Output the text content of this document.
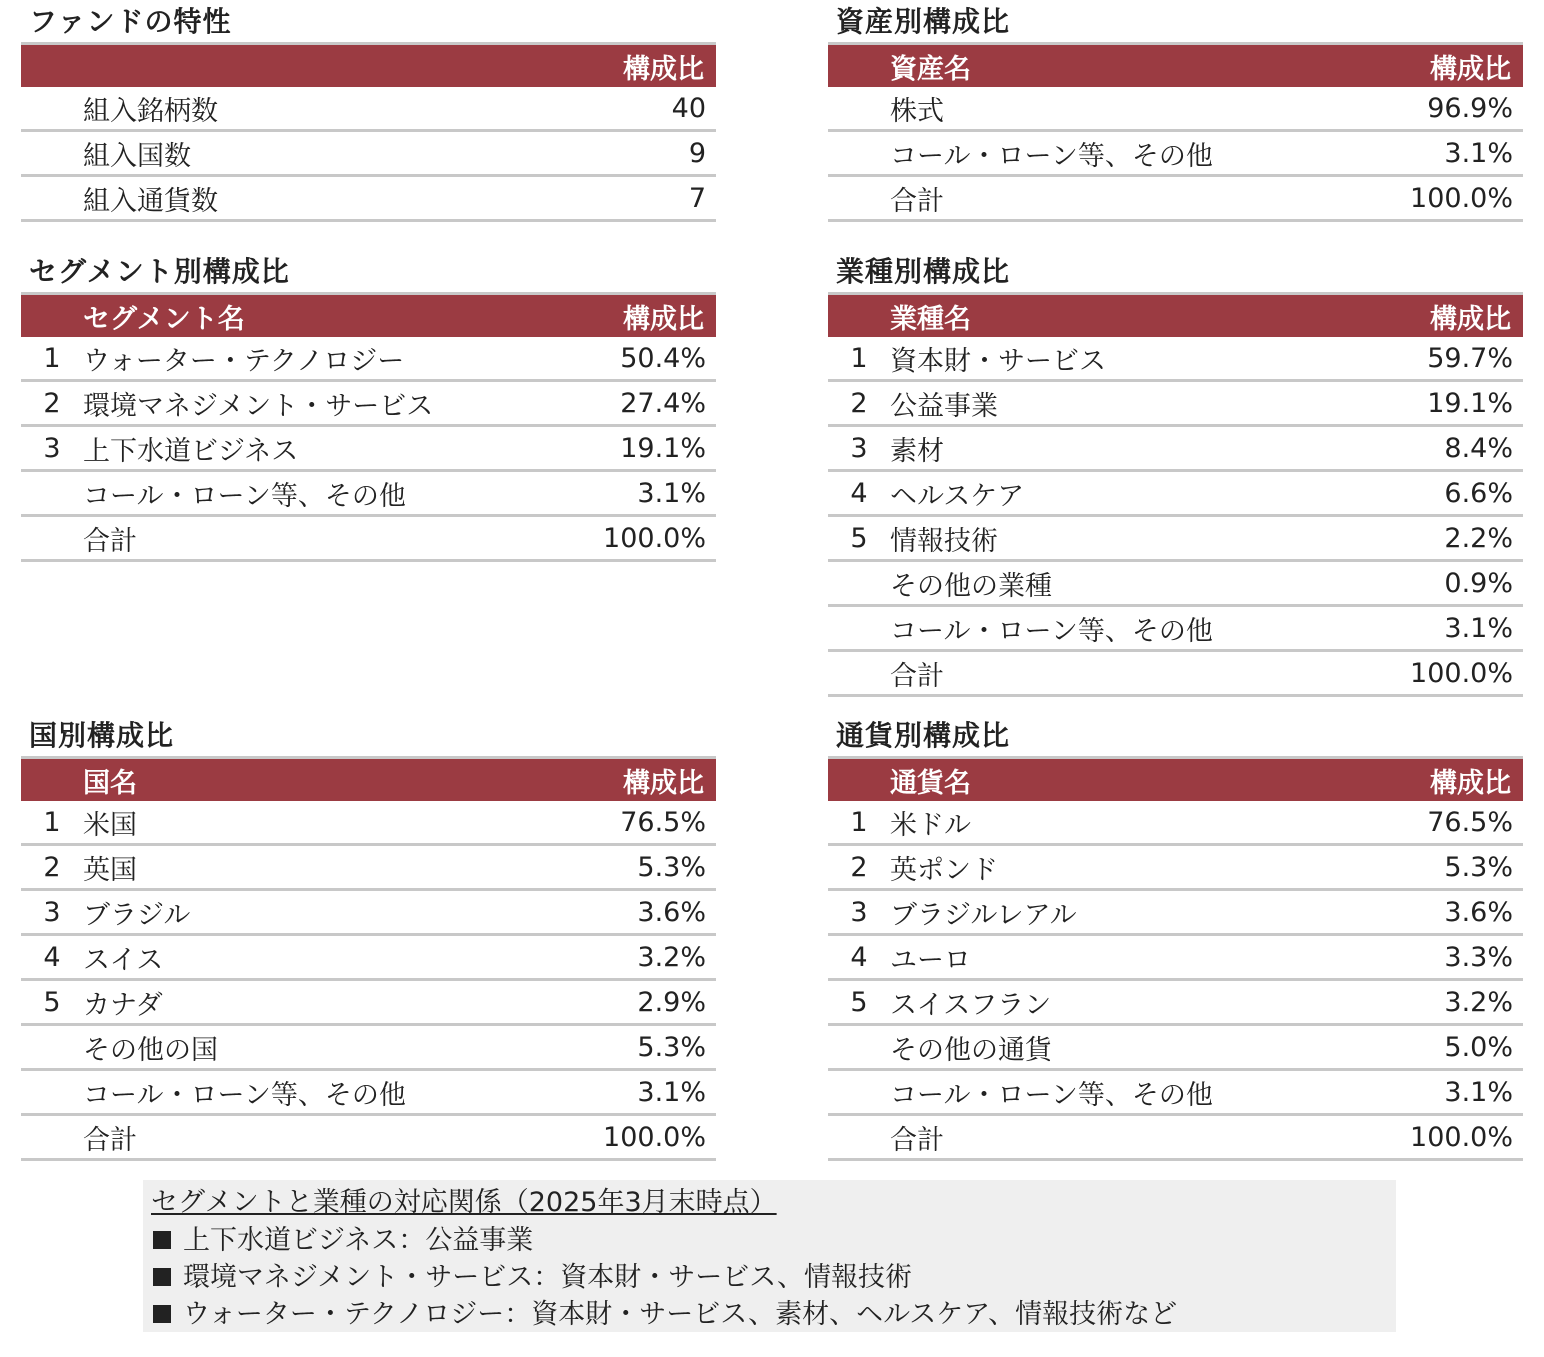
ファンドの特性
		構成比
	組入銘柄数	40
	組入国数	9
	組入通貨数	7
資産別構成比
	資産名	構成比
	株式	96.9%
	コール・ローン等、その他	3.1%
	合計	100.0%
セグメント別構成比
	セグメント名	構成比
1	ウォーター・テクノロジー	50.4%
2	環境マネジメント・サービス	27.4%
3	上下水道ビジネス	19.1%
	コール・ローン等、その他	3.1%
	合計	100.0%
業種別構成比
	業種名	構成比
1	資本財・サービス	59.7%
2	公益事業	19.1%
3	素材	8.4%
4	ヘルスケア	6.6%
5	情報技術	2.2%
	その他の業種	0.9%
	コール・ローン等、その他	3.1%
	合計	100.0%
国別構成比
	国名	構成比
1	米国	76.5%
2	英国	5.3%
3	ブラジル	3.6%
4	スイス	3.2%
5	カナダ	2.9%
	その他の国	5.3%
	コール・ローン等、その他	3.1%
	合計	100.0%
通貨別構成比
	通貨名	構成比
1	米ドル	76.5%
2	英ポンド	5.3%
3	ブラジルレアル	3.6%
4	ユーロ	3.3%
5	スイスフラン	3.2%
	その他の通貨	5.0%
	コール・ローン等、その他	3.1%
	合計	100.0%
セグメントと業種の対応関係（2025年3月末時点）
上下水道ビジネス：公益事業
環境マネジメント・サービス：資本財・サービス、情報技術
ウォーター・テクノロジー：資本財・サービス、素材、ヘルスケア、情報技術など
